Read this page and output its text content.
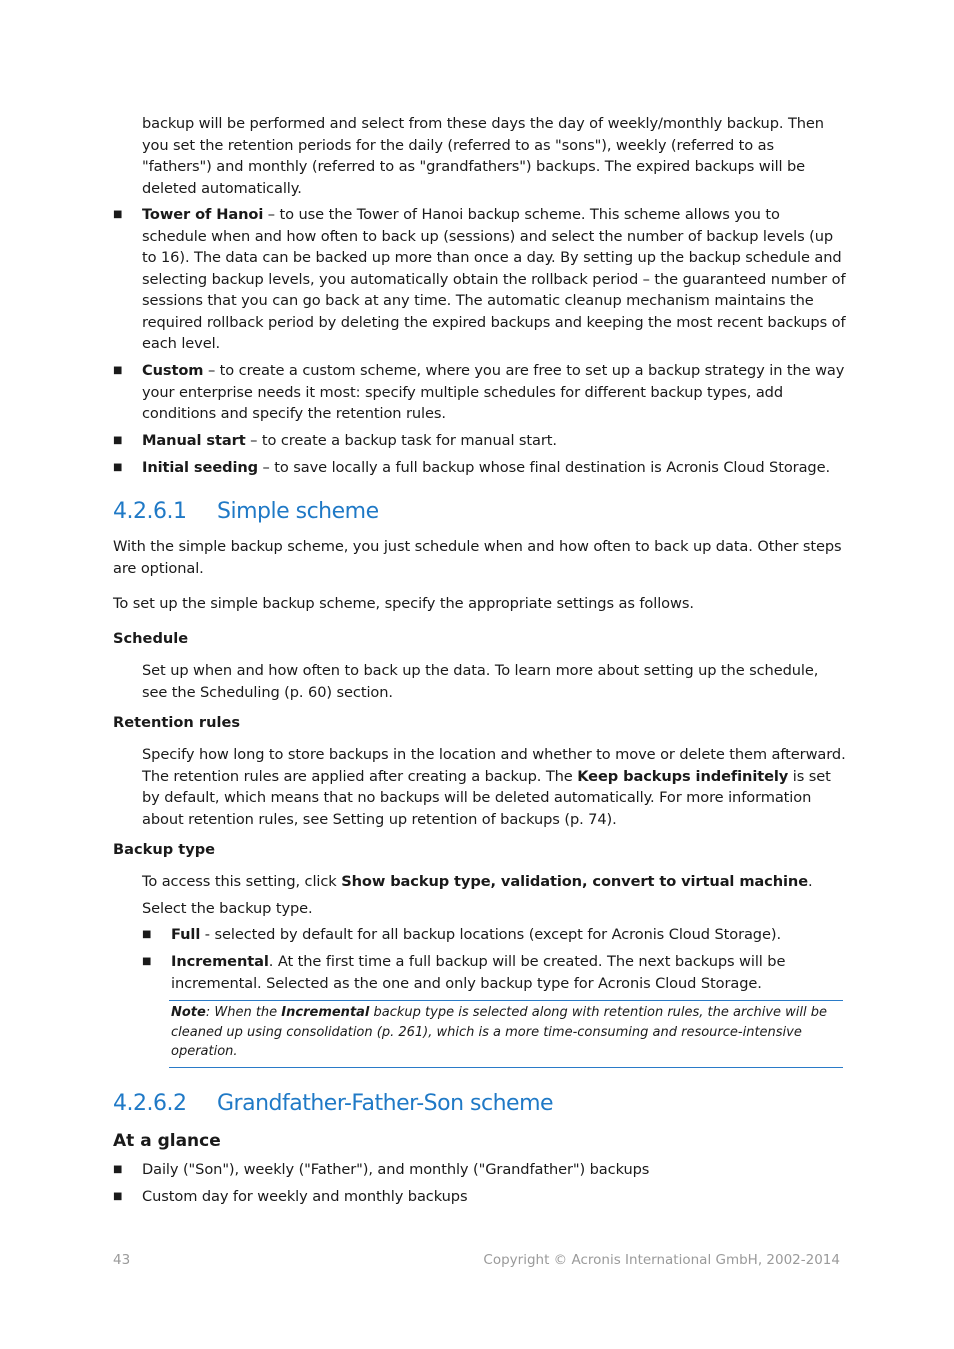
backup will be performed and select from these days the day of weekly/monthly backup. Then you set the retention periods for the daily (referred to as "sons"), weekly (referred to as "fathers") and monthly (referred to as "grandfathers") backups. The expired backups will be deleted automatically.
■ Tower of Hanoi – to use the Tower of Hanoi backup scheme. This scheme allows you to schedule when and how often to back up (sessions) and select the number of backup levels (up to 16). The data can be backed up more than once a day. By setting up the backup schedule and selecting backup levels, you automatically obtain the rollback period – the guaranteed number of sessions that you can go back at any time. The automatic cleanup mechanism maintains the required rollback period by deleting the expired backups and keeping the most recent backups of each level.
■ Custom – to create a custom scheme, where you are free to set up a backup strategy in the way your enterprise needs it most: specify multiple schedules for different backup types, add conditions and specify the retention rules.
■ Manual start – to create a backup task for manual start.
■ Initial seeding – to save locally a full backup whose final destination is Acronis Cloud Storage.
4.2.6.1 Simple scheme
With the simple backup scheme, you just schedule when and how often to back up data. Other steps are optional.
To set up the simple backup scheme, specify the appropriate settings as follows.
Schedule
Set up when and how often to back up the data. To learn more about setting up the schedule, see the Scheduling (p. 60) section.
Retention rules
Specify how long to store backups in the location and whether to move or delete them afterward. The retention rules are applied after creating a backup. The Keep backups indefinitely is set by default, which means that no backups will be deleted automatically. For more information about retention rules, see Setting up retention of backups (p. 74).
Backup type
To access this setting, click Show backup type, validation, convert to virtual machine.
Select the backup type.
■ Full - selected by default for all backup locations (except for Acronis Cloud Storage).
■ Incremental. At the first time a full backup will be created. The next backups will be incremental. Selected as the one and only backup type for Acronis Cloud Storage.
Note: When the Incremental backup type is selected along with retention rules, the archive will be cleaned up using consolidation (p. 261), which is a more time-consuming and resource-intensive operation.
4.2.6.2 Grandfather-Father-Son scheme
At a glance
■ Daily ("Son"), weekly ("Father"), and monthly ("Grandfather") backups
■ Custom day for weekly and monthly backups
43	Copyright © Acronis International GmbH, 2002-2014
